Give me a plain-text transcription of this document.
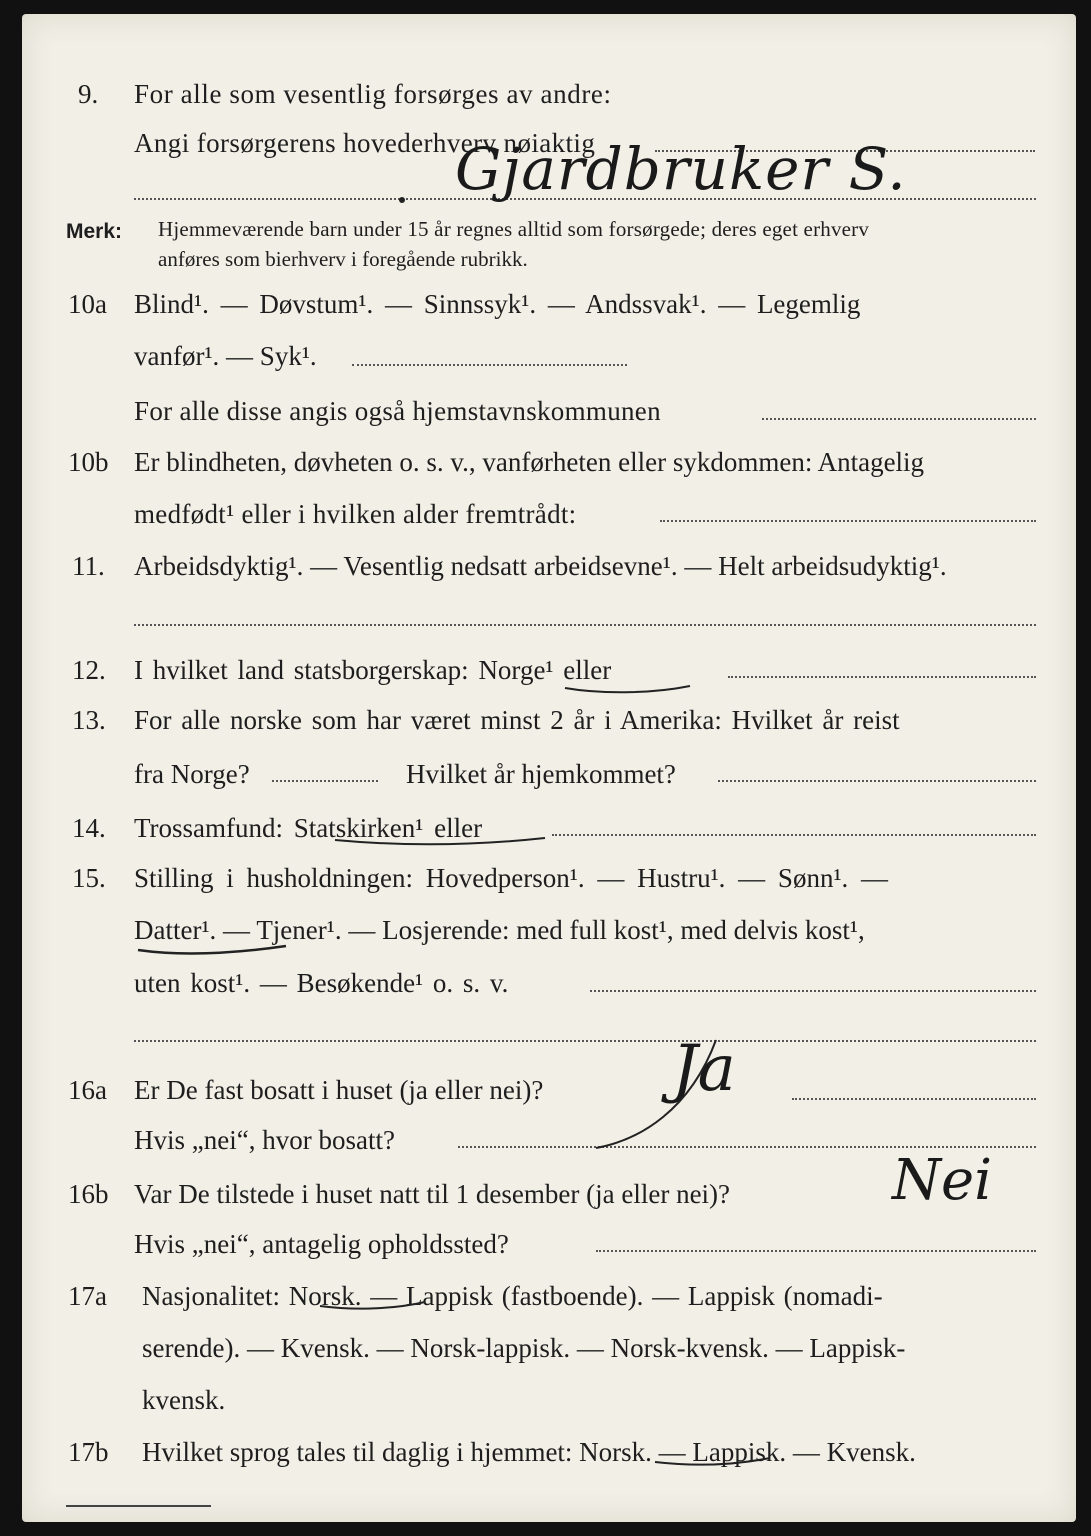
9. For alle som vesentlig forsørges av andre:
Angi forsørgerens hovederhverv nøiaktig
Gjardbruker S.
Merk: Hjemmeværende barn under 15 år regnes alltid som forsørgede; deres eget erhverv
anføres som bierhverv i foregående rubrikk.
10a Blind¹. — Døvstum¹. — Sinnssyk¹. — Andssvak¹. — Legemlig
vanfør¹. — Syk¹.
For alle disse angis også hjemstavnskommunen
10b Er blindheten, døvheten o. s. v., vanførheten eller sykdommen: Antagelig
medfødt¹ eller i hvilken alder fremtrådt:
11. Arbeidsdyktig¹. — Vesentlig nedsatt arbeidsevne¹. — Helt arbeidsudyktig¹.
12. I hvilket land statsborgerskap: Norge¹ eller
13. For alle norske som har været minst 2 år i Amerika: Hvilket år reist
fra Norge?	Hvilket år hjemkommet?
14. Trossamfund: Statskirken¹ eller
15. Stilling i husholdningen: Hovedperson¹. — Hustru¹. — Sønn¹. —
Datter¹. — Tjener¹. — Losjerende: med full kost¹, med delvis kost¹,
uten kost¹. — Besøkende¹ o. s. v.
16a Er De fast bosatt i huset (ja eller nei)?
Hvis „nei“, hvor bosatt?
Ja
16b Var De tilstede i huset natt til 1 desember (ja eller nei)?
Hvis „nei“, antagelig opholdssted?
Nei
17a Nasjonalitet: Norsk. — Lappisk (fastboende). — Lappisk (nomadi-
serende). — Kvensk. — Norsk-lappisk. — Norsk-kvensk. — Lappisk-
kvensk.
17b Hvilket sprog tales til daglig i hjemmet: Norsk. — Lappisk. — Kvensk.
